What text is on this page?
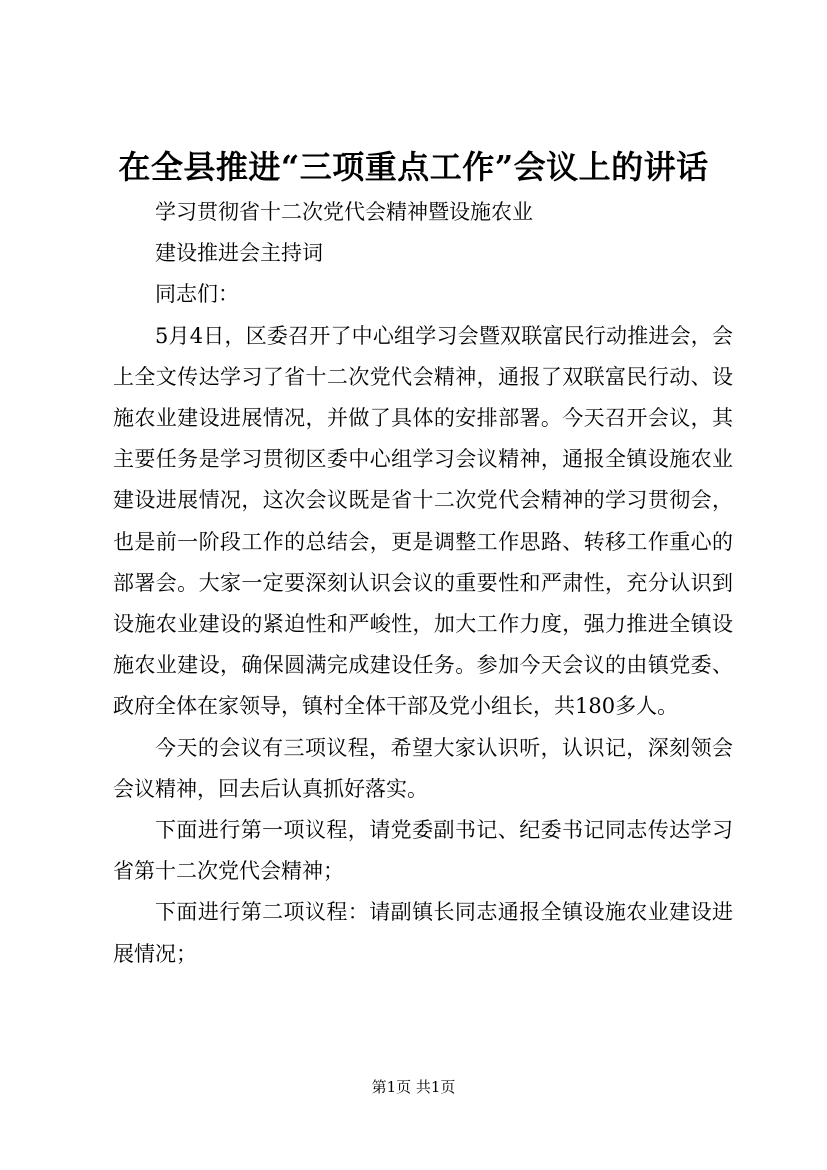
在全县推进“三项重点工作”会议上的讲话

学习贯彻省十二次党代会精神暨设施农业

建设推进会主持词

同志们：

5月4日，区委召开了中心组学习会暨双联富民行动推进会，会上全文传达学习了省十二次党代会精神，通报了双联富民行动、设施农业建设进展情况，并做了具体的安排部署。今天召开会议，其主要任务是学习贯彻区委中心组学习会议精神，通报全镇设施农业建设进展情况，这次会议既是省十二次党代会精神的学习贯彻会，也是前一阶段工作的总结会，更是调整工作思路、转移工作重心的部署会。大家一定要深刻认识会议的重要性和严肃性，充分认识到设施农业建设的紧迫性和严峻性，加大工作力度，强力推进全镇设施农业建设，确保圆满完成建设任务。参加今天会议的由镇党委、政府全体在家领导，镇村全体干部及党小组长，共180多人。

今天的会议有三项议程，希望大家认识听，认识记，深刻领会会议精神，回去后认真抓好落实。

下面进行第一项议程，请党委副书记、纪委书记同志传达学习省第十二次党代会精神；

下面进行第二项议程：请副镇长同志通报全镇设施农业建设进展情况；

第1页 共1页
